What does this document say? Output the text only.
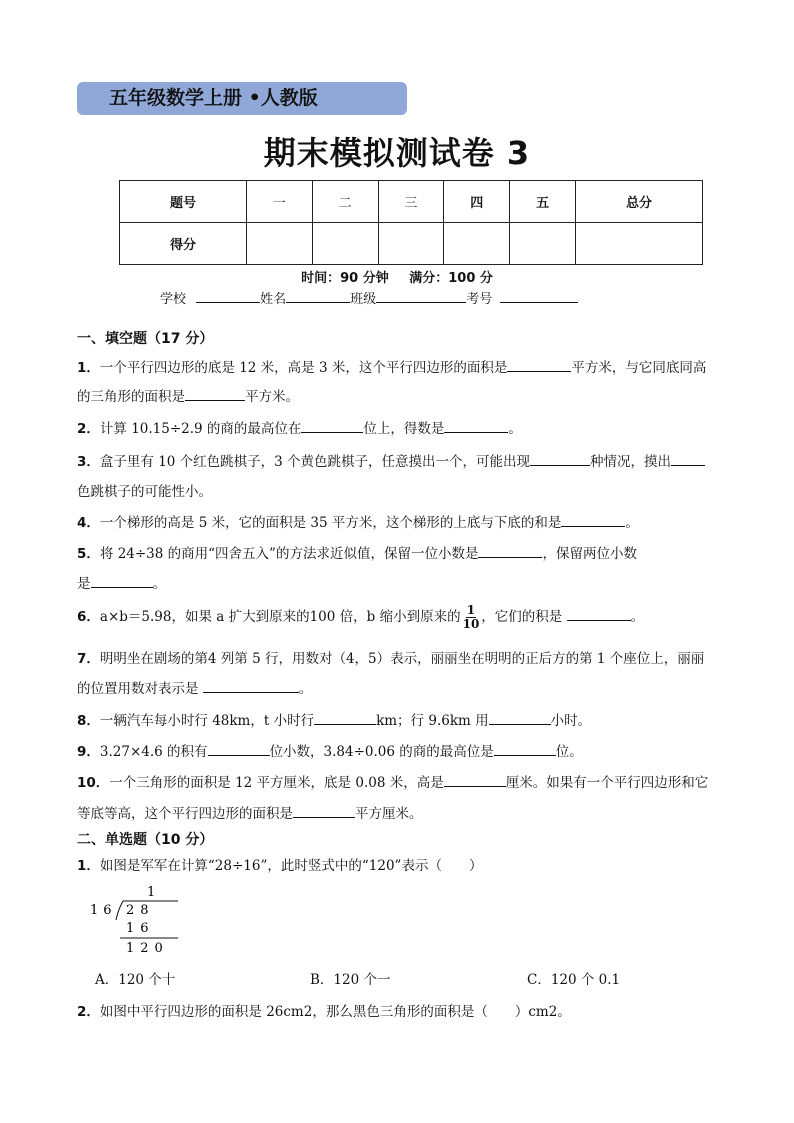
五年级数学上册 •人教版
期末模拟测试卷 3
题号	一	二	三	四	五	总分
得分						
时间：90 分钟 满分：100 分
学校	姓名	班级	考号
一、填空题（17 分）
1．一个平行四边形的底是 12 米，高是 3 米，这个平行四边形的面积是	平方米，与它同底同高
的三角形的面积是	平方米。
2．计算 10.15÷2.9 的商的最高位在	位上，得数是	。
3．盒子里有 10 个红色跳棋子，3 个黄色跳棋子，任意摸出一个，可能出现	种情况，摸出
色跳棋子的可能性小。
4．一个梯形的高是 5 米，它的面积是 35 平方米，这个梯形的上底与下底的和是	。
5．将 24÷38 的商用“四舍五入”的方法求近似值，保留一位小数是	，保留两位小数
是	。
6．a×b＝5.98，如果 a 扩大到原来的100 倍，b 缩小到原来的 $\frac{1}{10}$ ，它们的积是	。
7．明明坐在剧场的第4 列第 5 行，用数对（4，5）表示，丽丽坐在明明的正后方的第 1 个座位上，丽丽
的位置用数对表示是	。
8．一辆汽车每小时行 48km，t 小时行	km；行 9.6km 用	小时。
9．3.27×4.6 的积有	位小数，3.84÷0.06 的商的最高位是	位。
10．一个三角形的面积是 12 平方厘米，底是 0.08 米，高是	厘米。如果有一个平行四边形和它
等底等高，这个平行四边形的面积是	平方厘米。
二、单选题（10 分）
1．如图是军军在计算“28÷16”，此时竖式中的“120”表示（　　）
1
16 28
16
120
A．120 个十	B．120 个一	C．120 个 0.1
2．如图中平行四边形的面积是 26cm2，那么黑色三角形的面积是（　　）cm2。
